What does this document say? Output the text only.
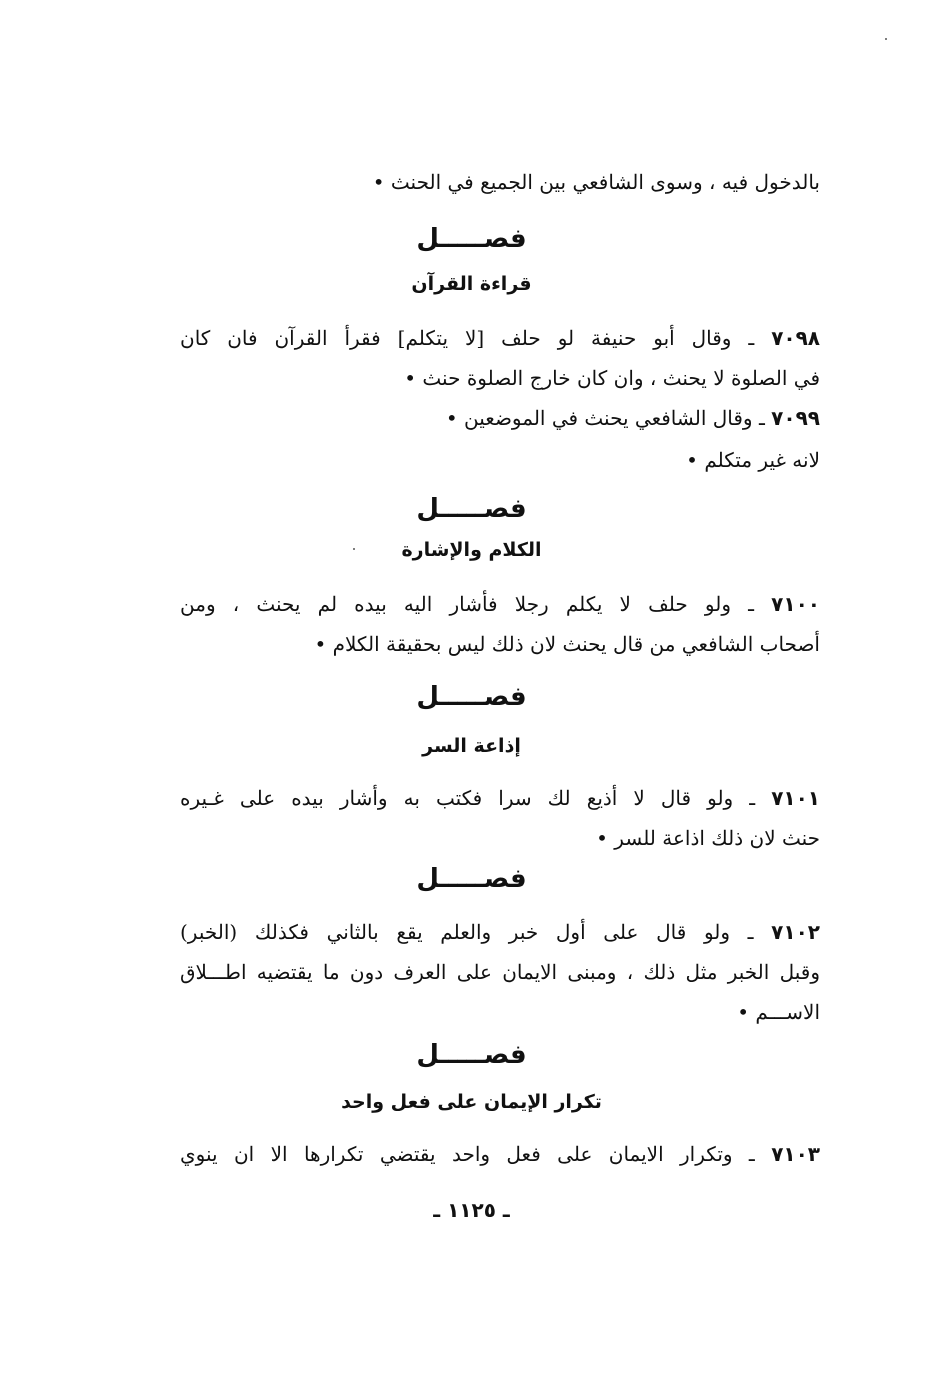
بالدخول فيه ، وسوى الشافعي بين الجميع في الحنث •
فصـــــل
قراءة القرآن
٧٠٩٨ ـ وقال أبو حنيفة لو حلف [لا يتكلم] فقرأ القرآن فان كان
في الصلوة لا يحنث ، وان كان خارج الصلوة حنث •
٧٠٩٩ ـ وقال الشافعي يحنث في الموضعين •
لانه غير متكلم •
فصـــــل
الكلام والإشارة
٧١٠٠ ـ ولو حلف لا يكلم رجلا فأشار اليه بيده لم يحنث ، ومن
أصحاب الشافعي من قال يحنث لان ذلك ليس بحقيقة الكلام •
فصـــــل
إذاعة السر
٧١٠١ ـ ولو قال لا أذيع لك سرا فكتب به وأشار بيده على غـيره
حنث لان ذلك اذاعة للسر •
فصـــــل
٧١٠٢ ـ ولو قال على أول خبر والعلم يقع بالثاني فكذلك (الخبر)
وقبل الخبر مثل ذلك ، ومبنى الايمان على العرف دون ما يقتضيه اطـــلاق
الاســـم •
فصـــــل
تكرار الإيمان على فعل واحد
٧١٠٣ ـ وتكرار الايمان على فعل واحد يقتضي تكرارها الا ان ينوي
ـ ١١٢٥ ـ
